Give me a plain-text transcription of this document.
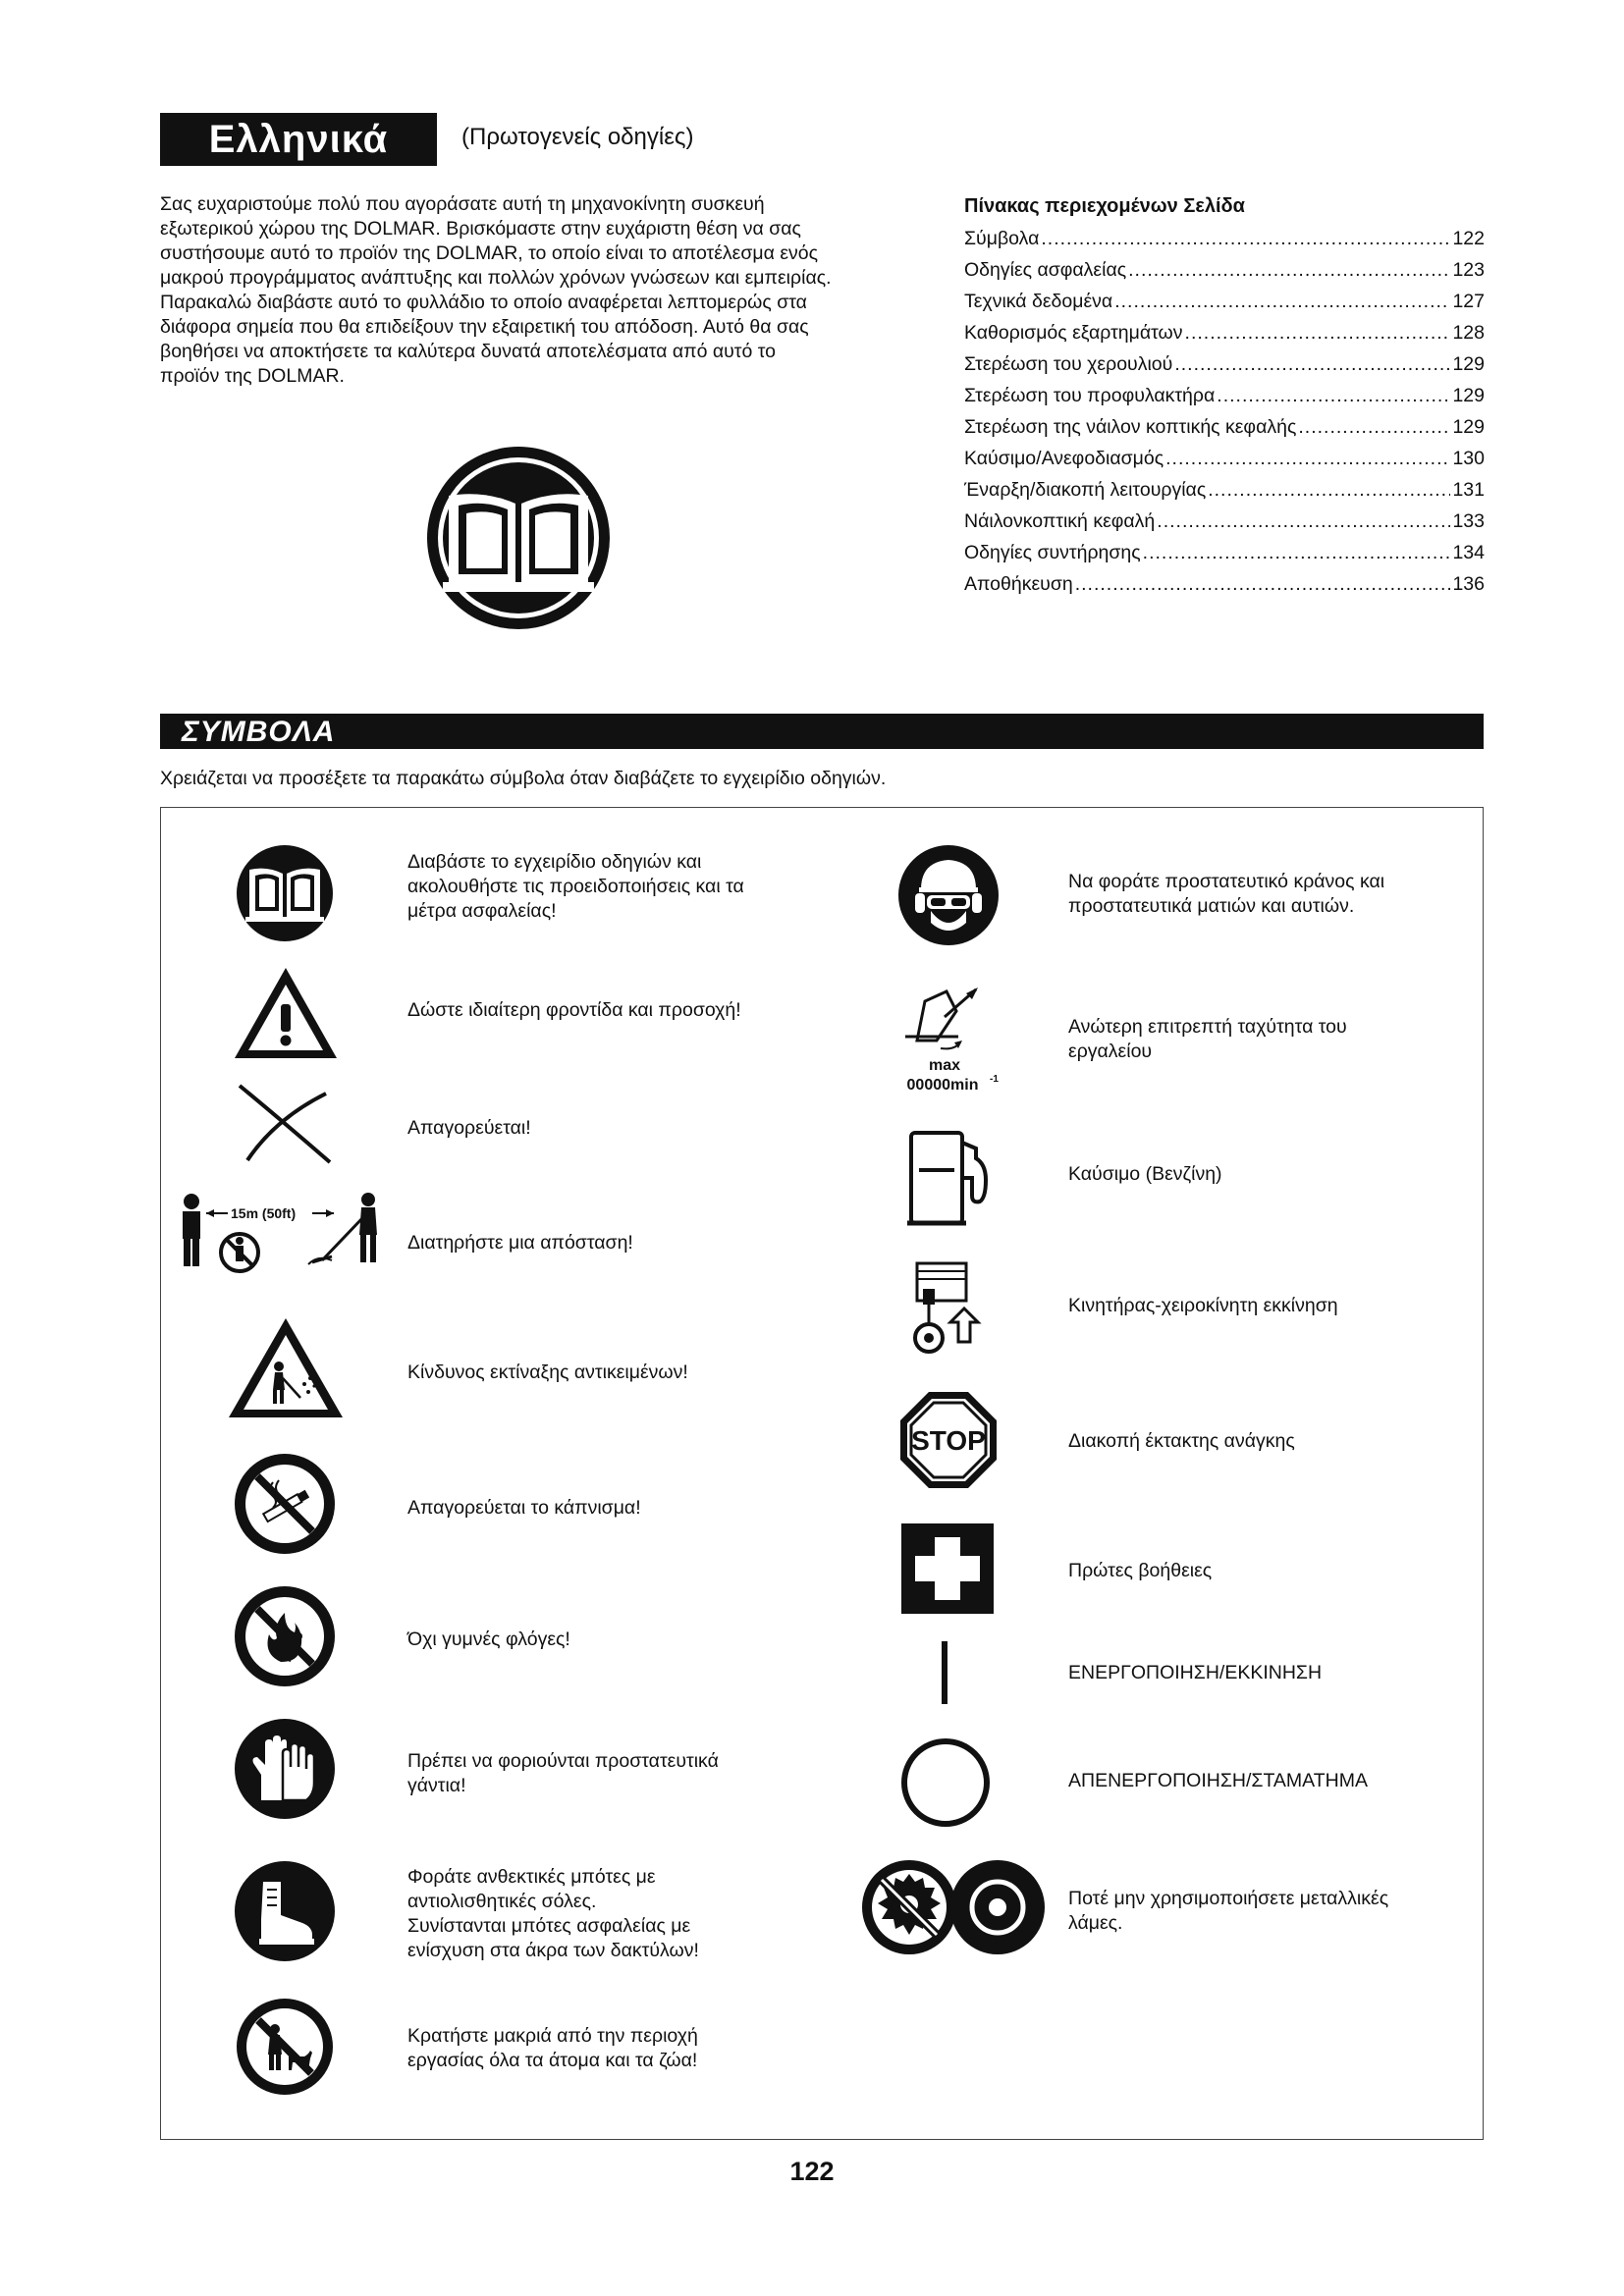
Ελληνικά	(Πρωτογενείς οδηγίες)
Σας ευχαριστούμε πολύ που αγοράσατε αυτή τη μηχανοκίνητη συσκευή
εξωτερικού χώρου της DOLMAR. Βρισκόμαστε στην ευχάριστη θέση να σας
συστήσουμε αυτό το προϊόν της DOLMAR, το οποίο είναι το αποτέλεσμα ενός
μακρού προγράμματος ανάπτυξης και πολλών χρόνων γνώσεων και εμπειρίας.
Παρακαλώ διαβάστε αυτό το φυλλάδιο το οποίο αναφέρεται λεπτομερώς στα
διάφορα σημεία που θα επιδείξουν την εξαιρετική του απόδοση. Αυτό θα σας
βοηθήσει να αποκτήσετε τα καλύτερα δυνατά αποτελέσματα από αυτό το
προϊόν της DOLMAR.
Πίνακας περιεχομένων Σελίδα
Σύμβολα .....	122
Οδηγίες ασφαλείας .....	123
Τεχνικά δεδομένα .....	127
Καθορισμός εξαρτημάτων .....	128
Στερέωση του χερουλιού .....	129
Στερέωση του προφυλακτήρα .....	129
Στερέωση της νάιλον κοπτικής κεφαλής .....	129
Καύσιμο/Ανεφοδιασμός .....	130
Έναρξη/διακοπή λειτουργίας .....	131
Νάιλονκοπτική κεφαλή .....	133
Οδηγίες συντήρησης .....	134
Αποθήκευση .....	136
ΣΥΜΒΟΛΑ
Χρειάζεται να προσέξετε τα παρακάτω σύμβολα όταν διαβάζετε το εγχειρίδιο οδηγιών.
15m (50ft)
Διαβάστε το εγχειρίδιο οδηγιών και
ακολουθήστε τις προειδοποιήσεις και τα
μέτρα ασφαλείας!
Δώστε ιδιαίτερη φροντίδα και προσοχή!
Απαγορεύεται!
Διατηρήστε μια απόσταση!
Κίνδυνος εκτίναξης αντικειμένων!
Απαγορεύεται το κάπνισμα!
Όχι γυμνές φλόγες!
Πρέπει να φοριούνται προστατευτικά
γάντια!
Φοράτε ανθεκτικές μπότες με
αντιολισθητικές σόλες.
Συνίστανται μπότες ασφαλείας με
ενίσχυση στα άκρα των δακτύλων!
Κρατήστε μακριά από την περιοχή
εργασίας όλα τα άτομα και τα ζώα!
max
00000min -1
STOP
Να φοράτε προστατευτικό κράνος και
προστατευτικά ματιών και αυτιών.
Ανώτερη επιτρεπτή ταχύτητα του
εργαλείου
Καύσιμο (Βενζίνη)
Κινητήρας-χειροκίνητη εκκίνηση
Διακοπή έκτακτης ανάγκης
Πρώτες βοήθειες
ΕΝΕΡΓΟΠΟΙΗΣΗ/ΕΚΚΙΝΗΣΗ
ΑΠΕΝΕΡΓΟΠΟΙΗΣΗ/ΣΤΑΜΑΤΗΜΑ
Ποτέ μην χρησιμοποιήσετε μεταλλικές
λάμες.
122
